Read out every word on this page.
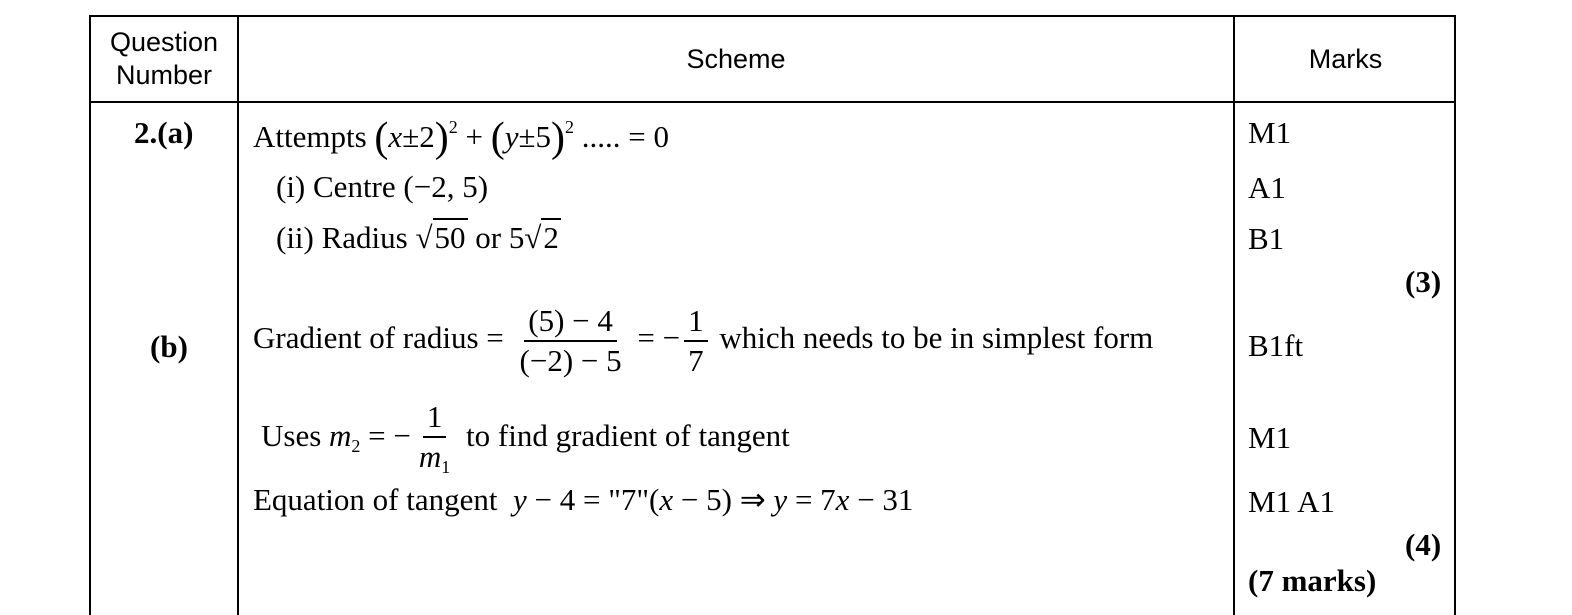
Question
Number
Scheme	Marks
2.(a)
(b)
Attempts $(x\pm 2)^2 + (y\pm 5)^2$ ..... = 0
(i) Centre (−2, 5)
(ii) Radius √50 or 5√2
Gradient of radius = $\frac{(5) - 4}{(-2) - 5}$ = − $\frac{1}{7}$ which needs to be in simplest form
Uses $m_2$ = − $\frac{1}{m_1}$ to find gradient of tangent
Equation of tangent y − 4 = "7"(x − 5) ⇒ y = 7x − 31
M1
A1
B1
(3)
B1ft
M1
M1 A1
(4)
(7 marks)
